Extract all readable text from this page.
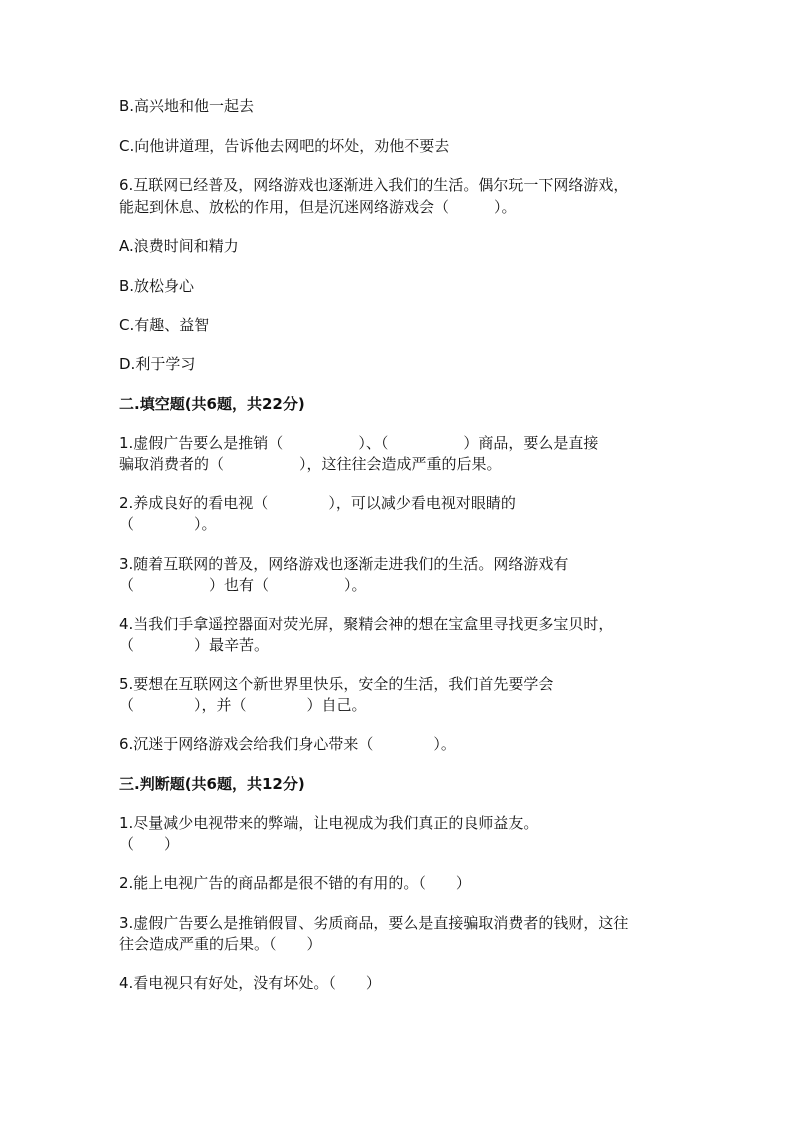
B.高兴地和他一起去
C.向他讲道理，告诉他去网吧的坏处，劝他不要去
6.互联网已经普及，网络游戏也逐渐进入我们的生活。偶尔玩一下网络游戏，
能起到休息、放松的作用，但是沉迷网络游戏会（　　　）。
A.浪费时间和精力
B.放松身心
C.有趣、益智
D.利于学习
二.填空题(共6题，共22分)
1.虚假广告要么是推销（　　　　　）、（　　　　　）商品，要么是直接
骗取消费者的（　　　　　），这往往会造成严重的后果。
2.养成良好的看电视（　　　　），可以减少看电视对眼睛的
（　　　　）。
3.随着互联网的普及，网络游戏也逐渐走进我们的生活。网络游戏有
（　　　　　）也有（　　　　　）。
4.当我们手拿遥控器面对荧光屏，聚精会神的想在宝盒里寻找更多宝贝时，
（　　　　）最辛苦。
5.要想在互联网这个新世界里快乐，安全的生活，我们首先要学会
（　　　　），并（　　　　）自己。
6.沉迷于网络游戏会给我们身心带来（　　　　）。
三.判断题(共6题，共12分)
1.尽量减少电视带来的弊端，让电视成为我们真正的良师益友。
（　　）
2.能上电视广告的商品都是很不错的有用的。（　　）
3.虚假广告要么是推销假冒、劣质商品，要么是直接骗取消费者的钱财，这往
往会造成严重的后果。（　　）
4.看电视只有好处，没有坏处。（　　）
